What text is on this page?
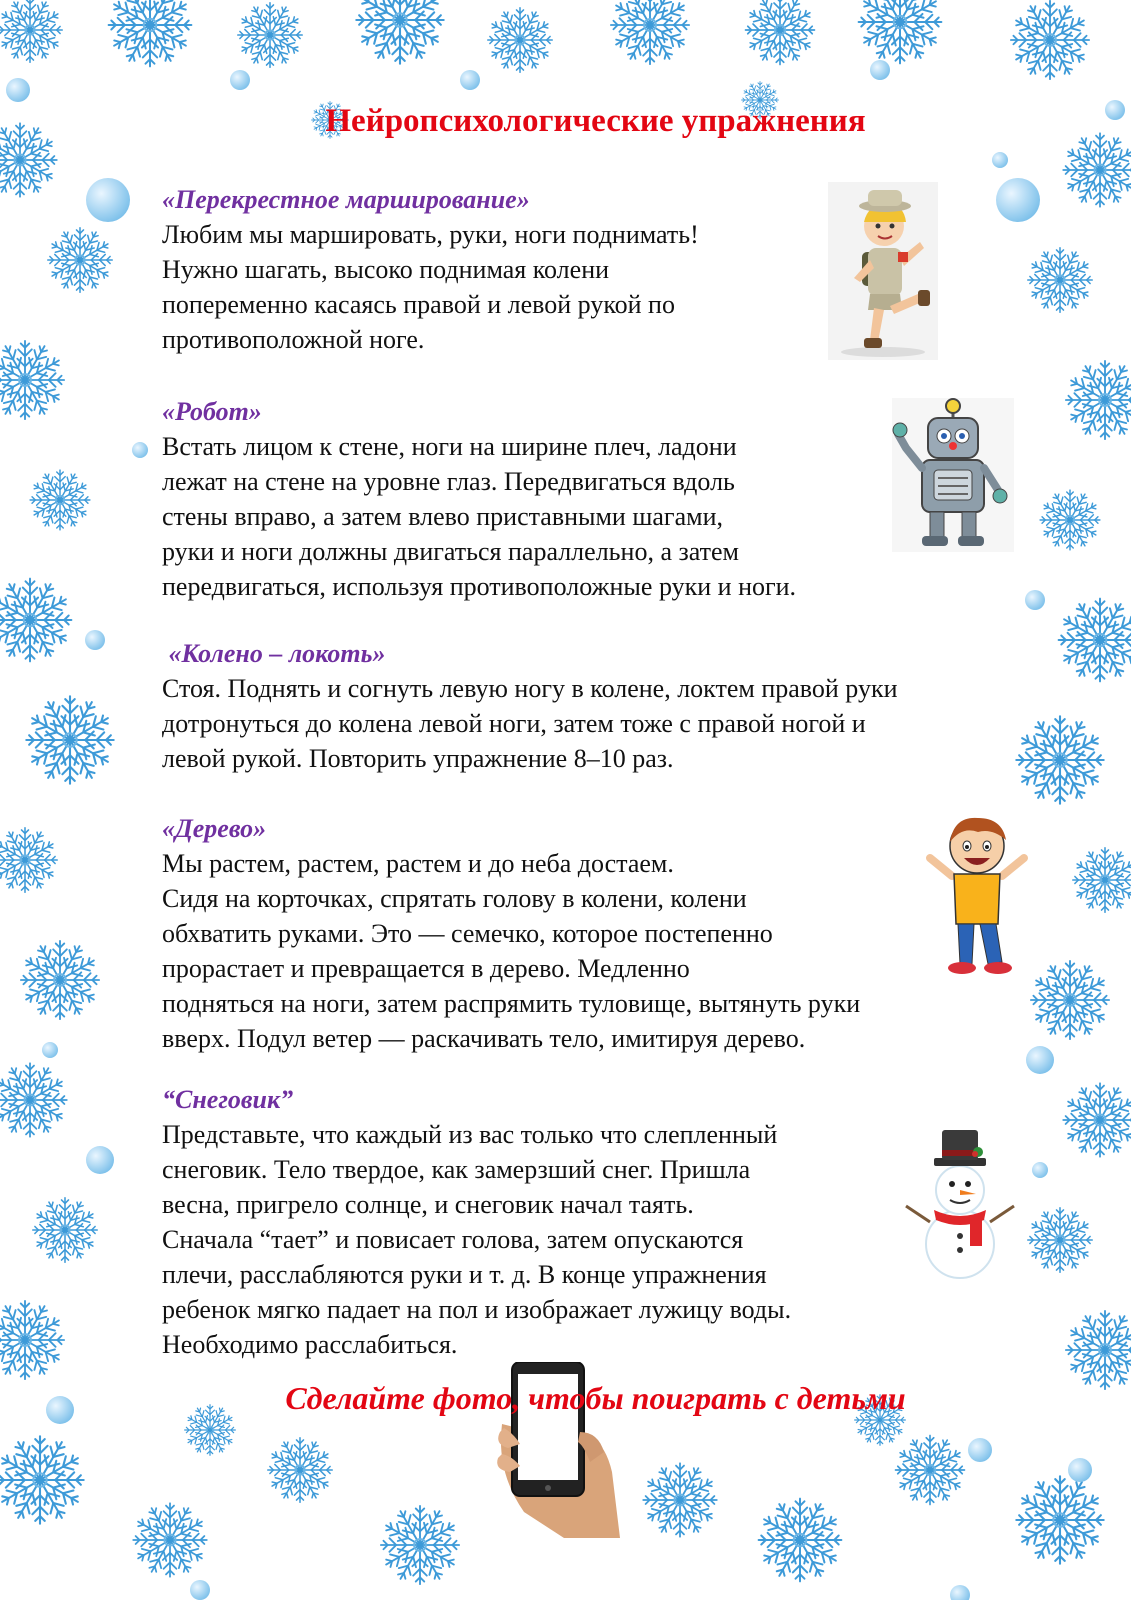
Нейропсихологические упражнения

«Перекрестное марширование»

Любим мы маршировать, руки, ноги поднимать!

Нужно шагать, высоко поднимая колени

попеременно касаясь правой и левой рукой по

противоположной ноге.

«Робот»

Встать лицом к стене, ноги на ширине плеч, ладони

лежат на стене на уровне глаз. Передвигаться вдоль

стены вправо, а затем влево приставными шагами,

руки и ноги должны двигаться параллельно, а затем

передвигаться, используя противоположные руки и ноги.

«Колено – локоть»

Стоя. Поднять и согнуть левую ногу в колене, локтем правой руки

дотронуться до колена левой ноги, затем тоже с правой ногой и

левой рукой. Повторить упражнение 8–10 раз.

«Дерево»

Мы растем, растем, растем и до неба достаем.

Сидя на корточках, спрятать голову в колени, колени

обхватить руками. Это — семечко, которое постепенно

прорастает и превращается в дерево. Медленно

подняться на ноги, затем распрямить туловище, вытянуть руки

вверх. Подул ветер — раскачивать тело, имитируя дерево.

“Снеговик”

Представьте, что каждый из вас только что слепленный

снеговик. Тело твердое, как замерзший снег. Пришла

весна, пригрело солнце, и снеговик начал таять.

Сначала “тает” и повисает голова, затем опускаются

плечи, расслабляются руки и т. д. В конце упражнения

ребенок мягко падает на пол и изображает лужицу воды.

Необходимо расслабиться.

Сделайте фото, чтобы поиграть с детьми
